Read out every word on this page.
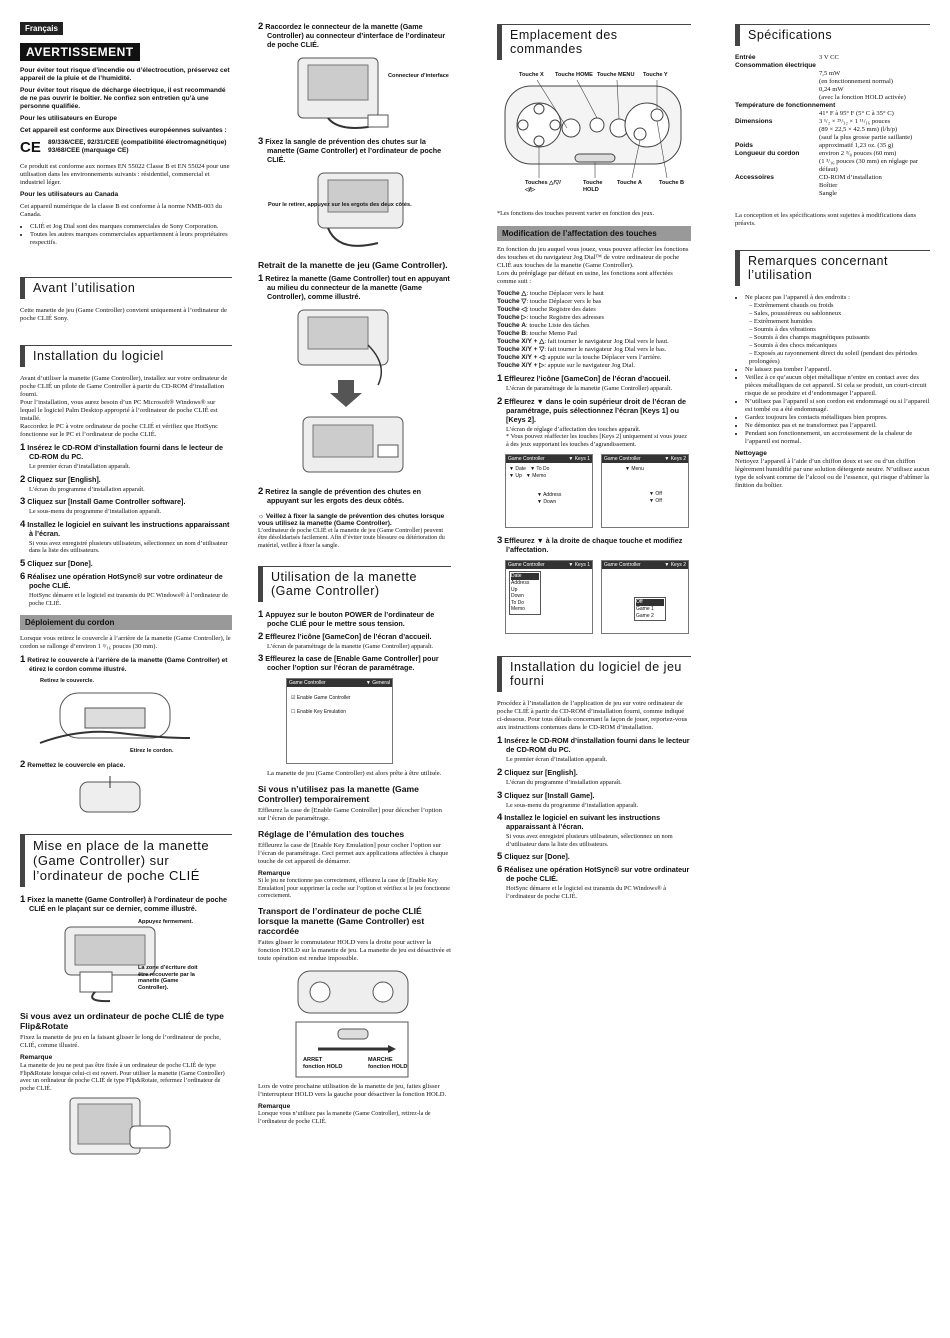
Français
AVERTISSEMENT

Pour éviter tout risque d’incendie ou d’électrocution, préservez cet appareil de la pluie et de l’humidité.

Pour éviter tout risque de décharge électrique, il est recommandé de ne pas ouvrir le boîtier. Ne confiez son entretien qu’à une personne qualifiée.

Pour les utilisateurs en Europe

Cet appareil est conforme aux Directives européennes suivantes :

CE 89/336/CEE, 92/31/CEE (compatibilité électromagnétique)
93/68/CEE (marquage CE)

Ce produit est conforme aux normes EN 55022 Classe B et EN 55024 pour une utilisation dans les environnements suivants : résidentiel, commercial et industriel léger.

Pour les utilisateurs au Canada

Cet appareil numérique de la classe B est conforme à la norme NMB-003 du Canada.

• CLIÉ et Jog Dial sont des marques commerciales de Sony Corporation.
• Toutes les autres marques commerciales appartiennent à leurs propriétaires respectifs.
Avant l’utilisation

Cette manette de jeu (Game Controller) convient uniquement à l’ordinateur de poche CLIÉ Sony.

Installation du logiciel

Avant d’utiliser la manette (Game Controller), installez sur votre ordinateur de poche CLIÉ un pilote de Game Controller à partir du CD-ROM d’installation fourni.
Pour l’installation, vous aurez besoin d’un PC Microsoft® Windows® sur lequel le logiciel Palm Desktop approprié à l’ordinateur de poche CLIÉ est installé.
Raccordez le PC à votre ordinateur de poche CLIÉ et vérifiez que HotSync fonctionne sur le PC et l’ordinateur de poche CLIÉ.

1 Insérez le CD-ROM d’installation fourni dans le lecteur de CD-ROM du PC.

Le premier écran d’installation apparaît.

2 Cliquez sur [English].

L’écran du programme d’installation apparaît.

3 Cliquez sur [Install Game Controller software].

Le sous-menu du programme d’installation apparaît.

4 Installez le logiciel en suivant les instructions apparaissant à l’écran.

Si vous avez enregistré plusieurs utilisateurs, sélectionnez un nom d’utilisateur dans la liste des utilisateurs.

5 Cliquez sur [Done].
6 Réalisez une opération HotSync® sur votre ordinateur de poche CLIÉ.

HotSync démarre et le logiciel est transmis du PC Windows® à l’ordinateur de poche CLIÉ.

Déploiement du cordon

Lorsque vous retirez le couvercle à l’arrière de la manette (Game Controller), le cordon se rallonge d’environ 1 ³/₁₆ pouces (30 mm).

1 Retirez le couvercle à l’arrière de la manette (Game Controller) et étirez le cordon comme illustré.
Retirez le couvercle.
Etirez le cordon.
2 Remettez le couvercle en place.
Mise en place de la manette (Game Controller) sur l’ordinateur de poche CLIÉ
1 Fixez la manette (Game Controller) à l’ordinateur de poche CLIÉ en le plaçant sur ce dernier, comme illustré.
Appuyez fermement.
La zone d’écriture doit être recouverte par la manette (Game Controller).
Si vous avez un ordinateur de poche CLIÉ de type Flip&Rotate

Fixez la manette de jeu en la faisant glisser le long de l’ordinateur de poche, CLIÉ, comme illustré.

Remarque

La manette de jeu ne peut pas être fixée à un ordinateur de poche CLIÉ de type Flip&Rotate lorsque celui-ci est ouvert. Pour utiliser la manette (Game Controller) avec un ordinateur de poche CLIÉ de type Flip&Rotate, refermez l’ordinateur de poche CLIÉ.

2 Raccordez le connecteur de la manette (Game Controller) au connecteur d’interface de l’ordinateur de poche CLIÉ.
Connecteur d’interface
3 Fixez la sangle de prévention des chutes sur la manette (Game Controller) et l’ordinateur de poche CLIÉ.
Pour le retirer, appuyez sur les ergots des deux côtés.
Retrait de la manette de jeu (Game Controller).
1 Retirez la manette (Game Controller) tout en appuyant au milieu du connecteur de la manette (Game Controller), comme illustré.
2 Retirez la sangle de prévention des chutes en appuyant sur les ergots des deux côtés.
☼ Veillez à fixer la sangle de prévention des chutes lorsque vous utilisez la manette (Game Controller).

L’ordinateur de poche CLIÉ et la manette de jeu (Game Controller) peuvent être désolidarisés facilement. Afin d’éviter toute blessure ou détérioration du matériel, veillez à fixer la sangle.

Utilisation de la manette (Game Controller)
1 Appuyez sur le bouton POWER de l’ordinateur de poche CLIÉ pour le mettre sous tension.
2 Effleurez l’icône [GameCon] de l’écran d’accueil.

L’écran de paramétrage de la manette (Game Controller) apparaît.

3 Effleurez la case de [Enable Game Controller] pour cocher l’option sur l’écran de paramétrage.
Game Controller	▼ General
☑ Enable Game Controller
☐ Enable Key Emulation

La manette de jeu (Game Controller) est alors prête à être utilisée.

Si vous n’utilisez pas la manette (Game Controller) temporairement

Effleurez la case de [Enable Game Controller] pour décocher l’option sur l’écran de paramétrage.

Réglage de l’émulation des touches

Effleurez la case de [Enable Key Emulation] pour cocher l’option sur l’écran de paramétrage. Ceci permet aux applications affectées à chaque touche de cet appareil de démarrer.

Remarque

Si le jeu ne fonctionne pas correctement, effleurez la case de [Enable Key Emulation] pour supprimer la coche sur l’option et vérifiez si le jeu fonctionne correctement.

Transport de l’ordinateur de poche CLIÉ lorsque la manette (Game Controller) est raccordée

Faites glisser le commutateur HOLD vers la droite pour activer la fonction HOLD sur la manette de jeu. La manette de jeu est désactivée et toute opération est rendue impossible.

ARRET fonction HOLD
MARCHE fonction HOLD

Lors de votre prochaine utilisation de la manette de jeu, faites glisser l’interrupteur HOLD vers la gauche pour désactiver la fonction HOLD.

Remarque

Lorsque vous n’utilisez pas la manette (Game Controller), retirez-la de l’ordinateur de poche CLIÉ.

Emplacement des commandes
Touche X Touche HOME Touche MENU Touche Y
Touches △/▽/◁/▷
Touche HOLD
Touche A	Touche B

*Les fonctions des touches peuvent varier en fonction des jeux.

Modification de l’affectation des touches

En fonction du jeu auquel vous jouez, vous pouvez affecter les fonctions des touches et du navigateur Jog Dial™ de votre ordinateur de poche CLIÉ aux touches de la manette (Game Controller).
Lors du préréglage par défaut en usine, les fonctions sont affectées comme suit :

Touche △: touche Déplacer vers le haut
Touche ▽: touche Déplacer vers le bas
Touche ◁: touche Registre des dates
Touche ▷: touche Registre des adresses
Touche A: touche Liste des tâches
Touche B: touche Memo Pad
Touche X/Y + △: fait tourner le navigateur Jog Dial vers le haut.
Touche X/Y + ▽: fait tourner le navigateur Jog Dial vers le bas.
Touche X/Y + ◁: appuie sur la touche Déplacer vers l’arrière.
Touche X/Y + ▷: appuie sur le navigateur Jog Dial.
1 Effleurez l’icône [GameCon] de l’écran d’accueil.

L’écran de paramétrage de la manette (Game Controller) apparaît.

2 Effleurez ▼ dans le coin supérieur droit de l’écran de paramétrage, puis sélectionnez l’écran [Keys 1] ou [Keys 2].

L’écran de réglage d’affectation des touches apparaît.
* Vous pouvez réaffecter les touches [Keys 2] uniquement si vous jouez à des jeux supportant les touches d’agrandissement.

Game Controller	▼ Keys 1
▼ Date   ▼ To Do
▼ Up   ▼ Memo
▼ Address
▼ Down
Game Controller	▼ Keys 2
▼ Menu
▼ Off
▼ Off
3 Effleurez ▼ à la droite de chaque touche et modifiez l’affectation.
Game Controller	▼ Keys 1
Date
Address
Up
Down
To Do
Memo
Game Controller	▼ Keys 2
Off
Game 1
Game 2
Installation du logiciel de jeu fourni

Procédez à l’installation de l’application de jeu sur votre ordinateur de poche CLIÉ à partir du CD-ROM d’installation fourni, comme indiqué ci-dessous. Pour tous détails concernant la façon de jouer, reportez-vous aux instructions contenues dans le CD-ROM d’installation.

1 Insérez le CD-ROM d’installation fourni dans le lecteur de CD-ROM du PC.

Le premier écran d’installation apparaît.

2 Cliquez sur [English].

L’écran du programme d’installation apparaît.

3 Cliquez sur [Install Game].

Le sous-menu du programme d’installation apparaît.

4 Installez le logiciel en suivant les instructions apparaissant à l’écran.

Si vous avez enregistré plusieurs utilisateurs, sélectionnez un nom d’utilisateur dans la liste des utilisateurs.

5 Cliquez sur [Done].
6 Réalisez une opération HotSync® sur votre ordinateur de poche CLIÉ.

HotSync démarre et le logiciel est transmis du PC Windows® à l’ordinateur de poche CLIÉ.

Spécifications
Entrée	3 V CC
Consommation électrique	
	7,5 mW
(en fonctionnement normal)
0,24 mW
(avec la fonction HOLD activée)
Température de fonctionnement	
	41° F à 95° F (5° C à 35° C)
Dimensions	3 ¹/₂ × ²⁹/₃₂ × 1 ¹¹/₁₆ pouces
(89 × 22,5 × 42.5 mm) (l/h/p)
(sauf la plus grosse partie saillante)
Poids	approximatif 1,23 oz. (35 g)
Longueur du cordon	environ 2 ³/₈ pouces (60 mm)
(1 ³/₁₆ pouces (30 mm) en réglage par défaut)
Accessoires	CD-ROM d’installation
Boîtier
Sangle

La conception et les spécifications sont sujettes à modifications dans préavis.

Remarques concernant l’utilisation
• Ne placez pas l’appareil à des endroits :
– Extrêmement chauds ou froids
– Sales, poussiéreux ou sablonneux
– Extrêmement humides
– Soumis à des vibrations
– Soumis à des champs magnétiques puissants
– Soumis à des chocs mécaniques
– Exposés au rayonnement direct du soleil (pendant des périodes prolongées)
• Ne laissez pas tomber l’appareil.
• Veillez à ce qu’aucun objet métallique n’entre en contact avec des pièces métalliques de cet appareil. Si cela se produit, un court-circuit risque de se produire et d’endommager l’appareil.
• N’utilisez pas l’appareil si son cordon est endommagé ou si l’appareil est tombé ou a été endommagé.
• Gardez toujours les contacts métalliques bien propres.
• Ne démontez pas et ne transformez pas l’appareil.
• Pendant son fonctionnement, un accroissement de la chaleur de l’appareil est normal.
Nettoyage

Nettoyez l’appareil à l’aide d’un chiffon doux et sec ou d’un chiffon légèrement humidifié par une solution détergente neutre. N’utilisez aucun type de solvant comme de l’alcool ou de l’essence, qui risque d’abîmer la finition du boîtier.
